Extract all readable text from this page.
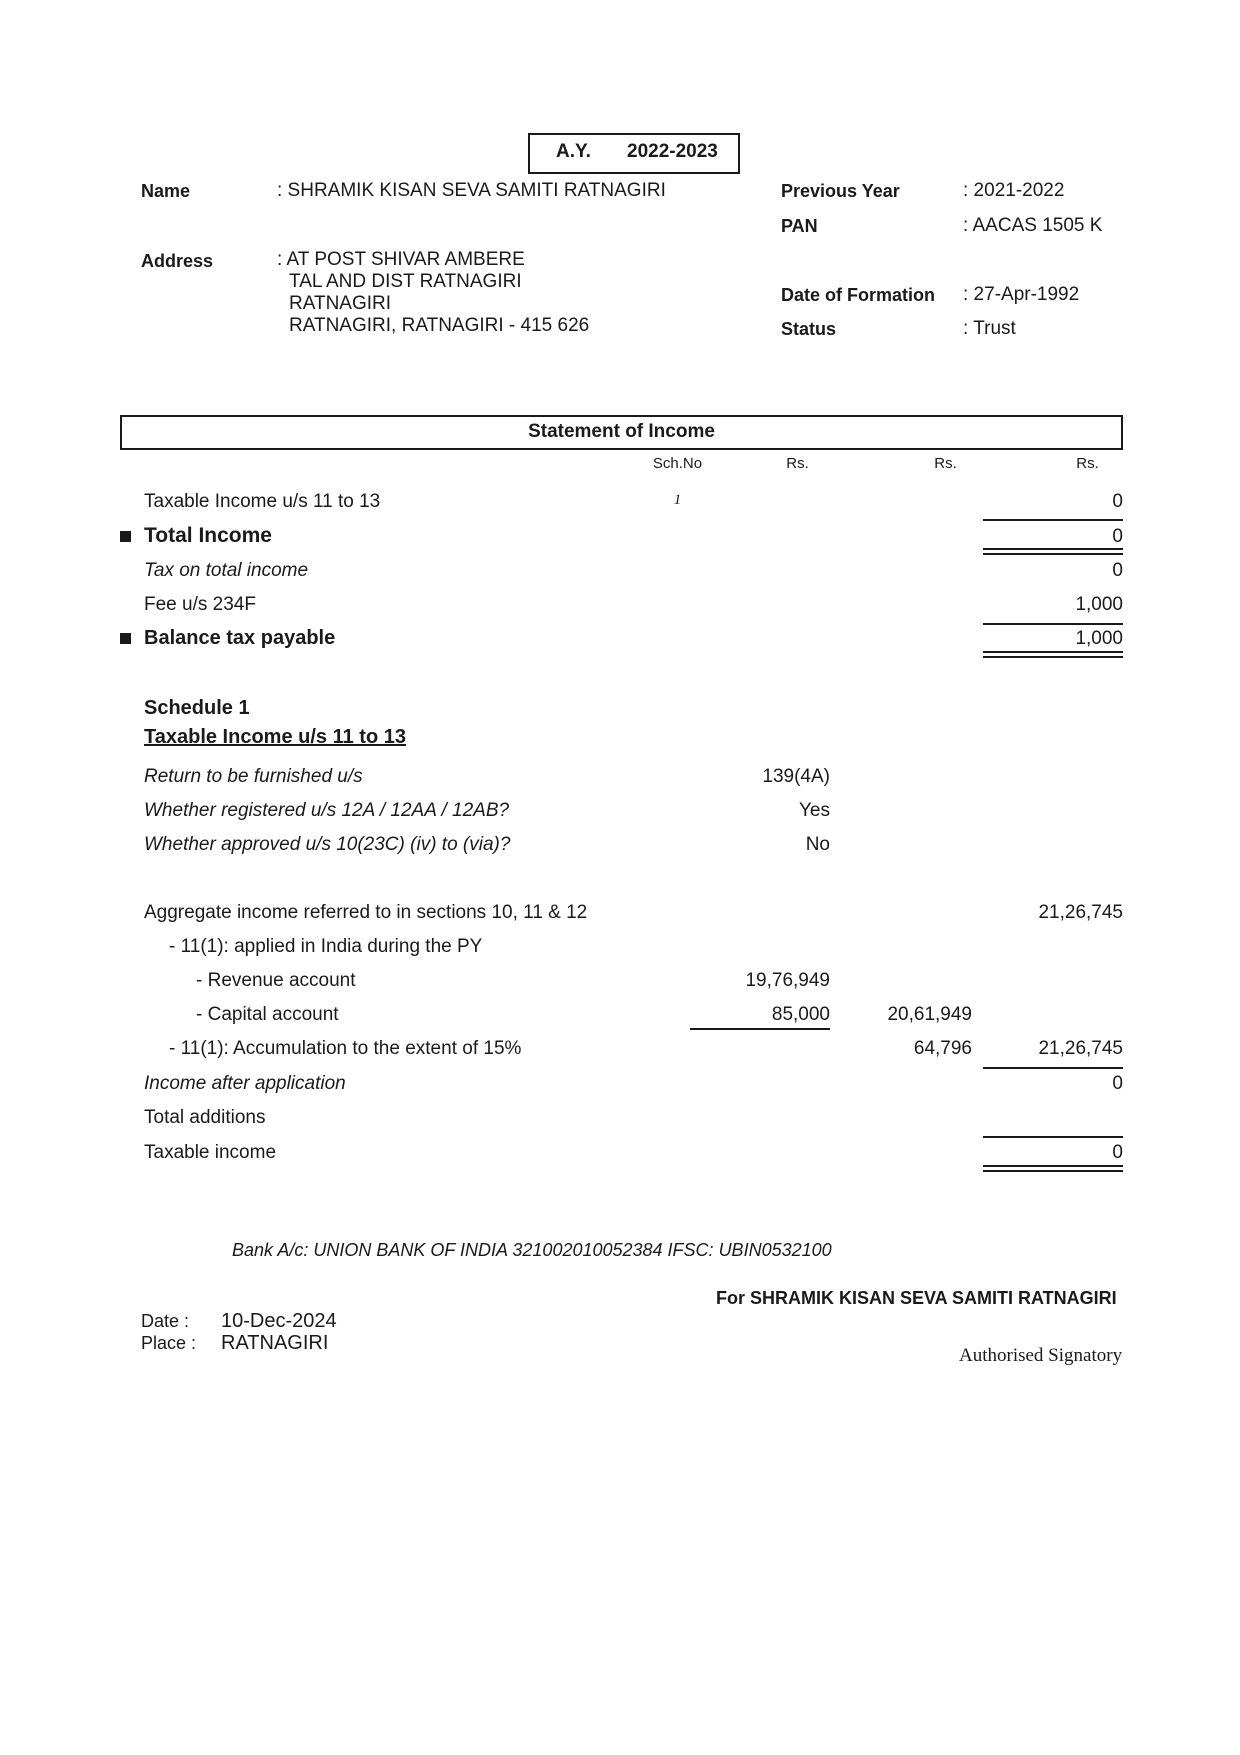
A.Y. 2022-2023
Name	: SHRAMIK KISAN SEVA SAMITI RATNAGIRI	Previous Year	: 2021-2022
PAN	: AACAS 1505 K
Address	: AT POST SHIVAR AMBERE
TAL AND DIST RATNAGIRI
RATNAGIRI
RATNAGIRI, RATNAGIRI - 415 626
Date of Formation : 27-Apr-1992
Status	: Trust
Statement of Income
Sch.No	Rs.	Rs.	Rs.
Taxable Income u/s 11 to 13	1	0
Total Income	0
Tax on total income	0
Fee u/s 234F	1,000
Balance tax payable	1,000
Schedule 1
Taxable Income u/s 11 to 13
Return to be furnished u/s	139(4A)
Whether registered u/s 12A / 12AA / 12AB?	Yes
Whether approved u/s 10(23C) (iv) to (via)?	No
Aggregate income referred to in sections 10, 11 & 12	21,26,745
- 11(1): applied in India during the PY
- Revenue account	19,76,949
- Capital account	85,000	20,61,949
- 11(1): Accumulation to the extent of 15%	64,796	21,26,745
Income after application	0
Total additions
Taxable income	0
Bank A/c: UNION BANK OF INDIA 321002010052384 IFSC: UBIN0532100
For SHRAMIK KISAN SEVA SAMITI RATNAGIRI
Date : 10-Dec-2024
Place : RATNAGIRI
Authorised Signatory
